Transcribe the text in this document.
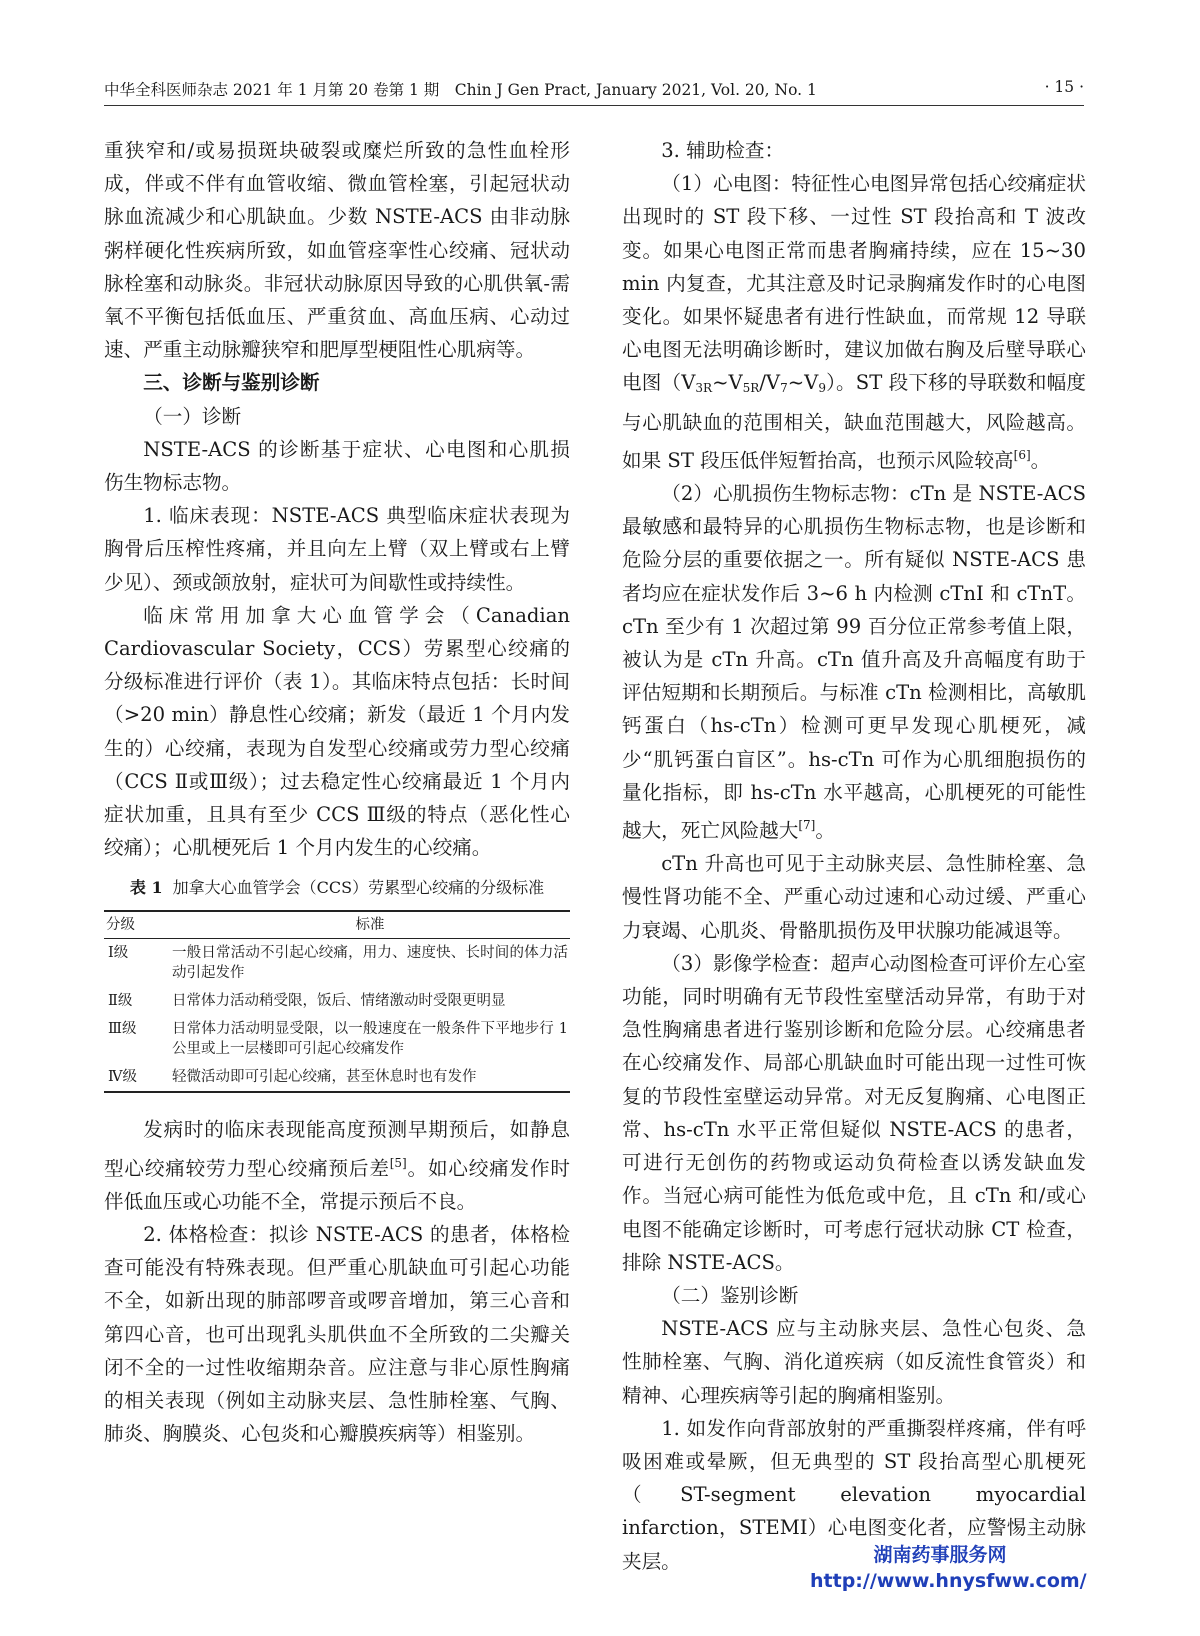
中华全科医师杂志 2021 年 1 月第 20 卷第 1 期　Chin J Gen Pract, January 2021, Vol. 20, No. 1	· 15 ·

重狭窄和/或易损斑块破裂或糜烂所致的急性血栓形成，伴或不伴有血管收缩、微血管栓塞，引起冠状动脉血流减少和心肌缺血。少数 NSTE-ACS 由非动脉粥样硬化性疾病所致，如血管痉挛性心绞痛、冠状动脉栓塞和动脉炎。非冠状动脉原因导致的心肌供氧-需氧不平衡包括低血压、严重贫血、高血压病、心动过速、严重主动脉瓣狭窄和肥厚型梗阻性心肌病等。

三、诊断与鉴别诊断

（一）诊断

NSTE-ACS 的诊断基于症状、心电图和心肌损伤生物标志物。

1. 临床表现：NSTE-ACS 典型临床症状表现为胸骨后压榨性疼痛，并且向左上臂（双上臂或右上臂少见）、颈或颌放射，症状可为间歇性或持续性。

临床常用加拿大心血管学会（Canadian Cardiovascular Society，CCS）劳累型心绞痛的分级标准进行评价（表 1）。其临床特点包括：长时间（>20 min）静息性心绞痛；新发（最近 1 个月内发生的）心绞痛，表现为自发型心绞痛或劳力型心绞痛（CCS Ⅱ或Ⅲ级）；过去稳定性心绞痛最近 1 个月内症状加重，且具有至少 CCS Ⅲ级的特点（恶化性心绞痛）；心肌梗死后 1 个月内发生的心绞痛。

表 1 加拿大心血管学会（CCS）劳累型心绞痛的分级标准
分级	标准
Ⅰ级	一般日常活动不引起心绞痛，用力、速度快、长时间的体力活动引起发作
Ⅱ级	日常体力活动稍受限，饭后、情绪激动时受限更明显
Ⅲ级	日常体力活动明显受限，以一般速度在一般条件下平地步行 1 公里或上一层楼即可引起心绞痛发作
Ⅳ级	轻微活动即可引起心绞痛，甚至休息时也有发作

发病时的临床表现能高度预测早期预后，如静息型心绞痛较劳力型心绞痛预后差[5]。如心绞痛发作时伴低血压或心功能不全，常提示预后不良。

2. 体格检查：拟诊 NSTE-ACS 的患者，体格检查可能没有特殊表现。但严重心肌缺血可引起心功能不全，如新出现的肺部啰音或啰音增加，第三心音和第四心音，也可出现乳头肌供血不全所致的二尖瓣关闭不全的一过性收缩期杂音。应注意与非心原性胸痛的相关表现（例如主动脉夹层、急性肺栓塞、气胸、肺炎、胸膜炎、心包炎和心瓣膜疾病等）相鉴别。

3. 辅助检查：

（1）心电图：特征性心电图异常包括心绞痛症状出现时的 ST 段下移、一过性 ST 段抬高和 T 波改变。如果心电图正常而患者胸痛持续，应在 15~30 min 内复查，尤其注意及时记录胸痛发作时的心电图变化。如果怀疑患者有进行性缺血，而常规 12 导联心电图无法明确诊断时，建议加做右胸及后壁导联心电图$(V_{3R}\sim V_{5R}/V_7\sim V_9)$。ST 段下移的导联数和幅度与心肌缺血的范围相关，缺血范围越大，风险越高。如果 ST 段压低伴短暂抬高，也预示风险较高[6]。

（2）心肌损伤生物标志物：cTn 是 NSTE-ACS 最敏感和最特异的心肌损伤生物标志物，也是诊断和危险分层的重要依据之一。所有疑似 NSTE-ACS 患者均应在症状发作后 3~6 h 内检测 cTnI 和 cTnT。cTn 至少有 1 次超过第 99 百分位正常参考值上限，被认为是 cTn 升高。cTn 值升高及升高幅度有助于评估短期和长期预后。与标准 cTn 检测相比，高敏肌钙蛋白（hs-cTn）检测可更早发现心肌梗死，减少“肌钙蛋白盲区”。hs-cTn 可作为心肌细胞损伤的量化指标，即 hs-cTn 水平越高，心肌梗死的可能性越大，死亡风险越大[7]。

cTn 升高也可见于主动脉夹层、急性肺栓塞、急慢性肾功能不全、严重心动过速和心动过缓、严重心力衰竭、心肌炎、骨骼肌损伤及甲状腺功能减退等。

（3）影像学检查：超声心动图检查可评价左心室功能，同时明确有无节段性室壁活动异常，有助于对急性胸痛患者进行鉴别诊断和危险分层。心绞痛患者在心绞痛发作、局部心肌缺血时可能出现一过性可恢复的节段性室壁运动异常。对无反复胸痛、心电图正常、hs-cTn 水平正常但疑似 NSTE-ACS 的患者，可进行无创伤的药物或运动负荷检查以诱发缺血发作。当冠心病可能性为低危或中危，且 cTn 和/或心电图不能确定诊断时，可考虑行冠状动脉 CT 检查，排除 NSTE-ACS。

（二）鉴别诊断

NSTE-ACS 应与主动脉夹层、急性心包炎、急性肺栓塞、气胸、消化道疾病（如反流性食管炎）和精神、心理疾病等引起的胸痛相鉴别。

1. 如发作向背部放射的严重撕裂样疼痛，伴有呼吸困难或晕厥，但无典型的 ST 段抬高型心肌梗死（ST-segment elevation myocardial infarction，STEMI）心电图变化者，应警惕主动脉夹层。	湖南药事服务网
http://www.hnysfww.com/
